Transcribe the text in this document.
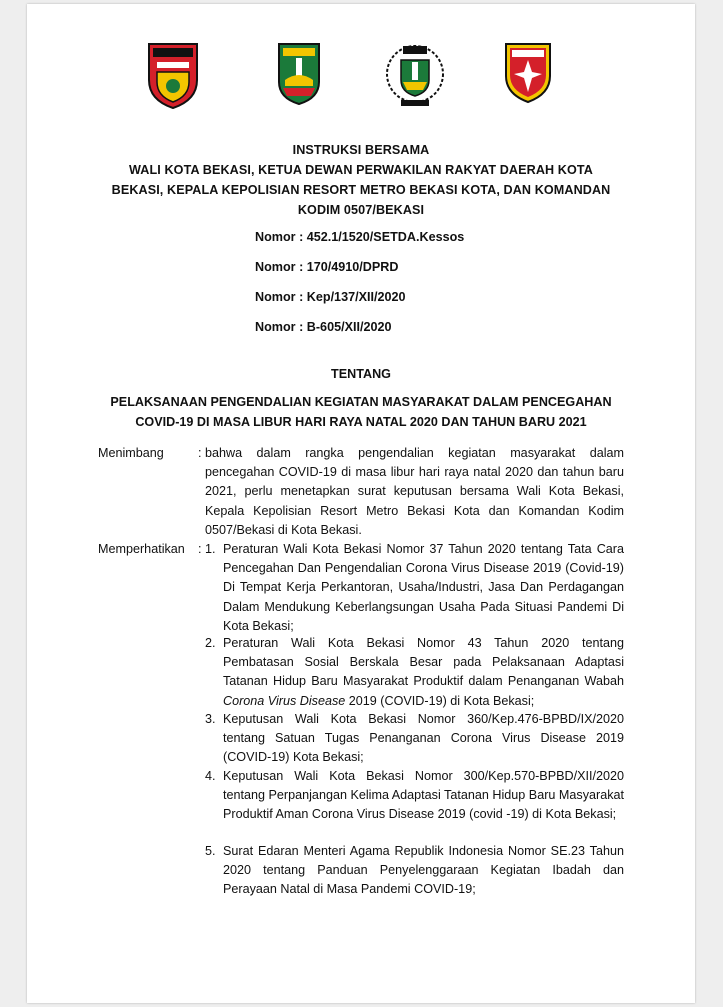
INSTRUKSI BERSAMA
WALI KOTA BEKASI, KETUA DEWAN PERWAKILAN RAKYAT DAERAH KOTA
BEKASI, KEPALA KEPOLISIAN RESORT METRO BEKASI KOTA, DAN KOMANDAN
KODIM 0507/BEKASI
Nomor : 452.1/1520/SETDA.Kessos
Nomor : 170/4910/DPRD
Nomor : Kep/137/XII/2020
Nomor : B-605/XII/2020
TENTANG
PELAKSANAAN PENGENDALIAN KEGIATAN MASYARAKAT DALAM PENCEGAHAN
COVID-19 DI MASA LIBUR HARI RAYA NATAL 2020 DAN TAHUN BARU 2021
Menimbang	: bahwa dalam rangka pengendalian kegiatan masyarakat dalam pencegahan COVID-19 di masa libur hari raya natal 2020 dan tahun baru 2021, perlu menetapkan surat keputusan bersama Wali Kota Bekasi, Kepala Kepolisian Resort Metro Bekasi Kota dan Komandan Kodim 0507/Bekasi di Kota Bekasi.
Memperhatikan : 1. Peraturan Wali Kota Bekasi Nomor 37 Tahun 2020 tentang Tata Cara Pencegahan Dan Pengendalian Corona Virus Disease 2019 (Covid-19) Di Tempat Kerja Perkantoran, Usaha/Industri, Jasa Dan Perdagangan Dalam Mendukung Keberlangsungan Usaha Pada Situasi Pandemi Di Kota Bekasi;
2. Peraturan Wali Kota Bekasi Nomor 43 Tahun 2020 tentang Pembatasan Sosial Berskala Besar pada Pelaksanaan Adaptasi Tatanan Hidup Baru Masyarakat Produktif dalam Penanganan Wabah Corona Virus Disease 2019 (COVID-19) di Kota Bekasi;
3. Keputusan Wali Kota Bekasi Nomor 360/Kep.476-BPBD/IX/2020 tentang Satuan Tugas Penanganan Corona Virus Disease 2019 (COVID-19) Kota Bekasi;
4. Keputusan Wali Kota Bekasi Nomor 300/Kep.570-BPBD/XII/2020 tentang Perpanjangan Kelima Adaptasi Tatanan Hidup Baru Masyarakat Produktif Aman Corona Virus Disease 2019 (covid -19) di Kota Bekasi;
5. Surat Edaran Menteri Agama Republik Indonesia Nomor SE.23 Tahun 2020 tentang Panduan Penyelenggaraan Kegiatan Ibadah dan Perayaan Natal di Masa Pandemi COVID-19;
